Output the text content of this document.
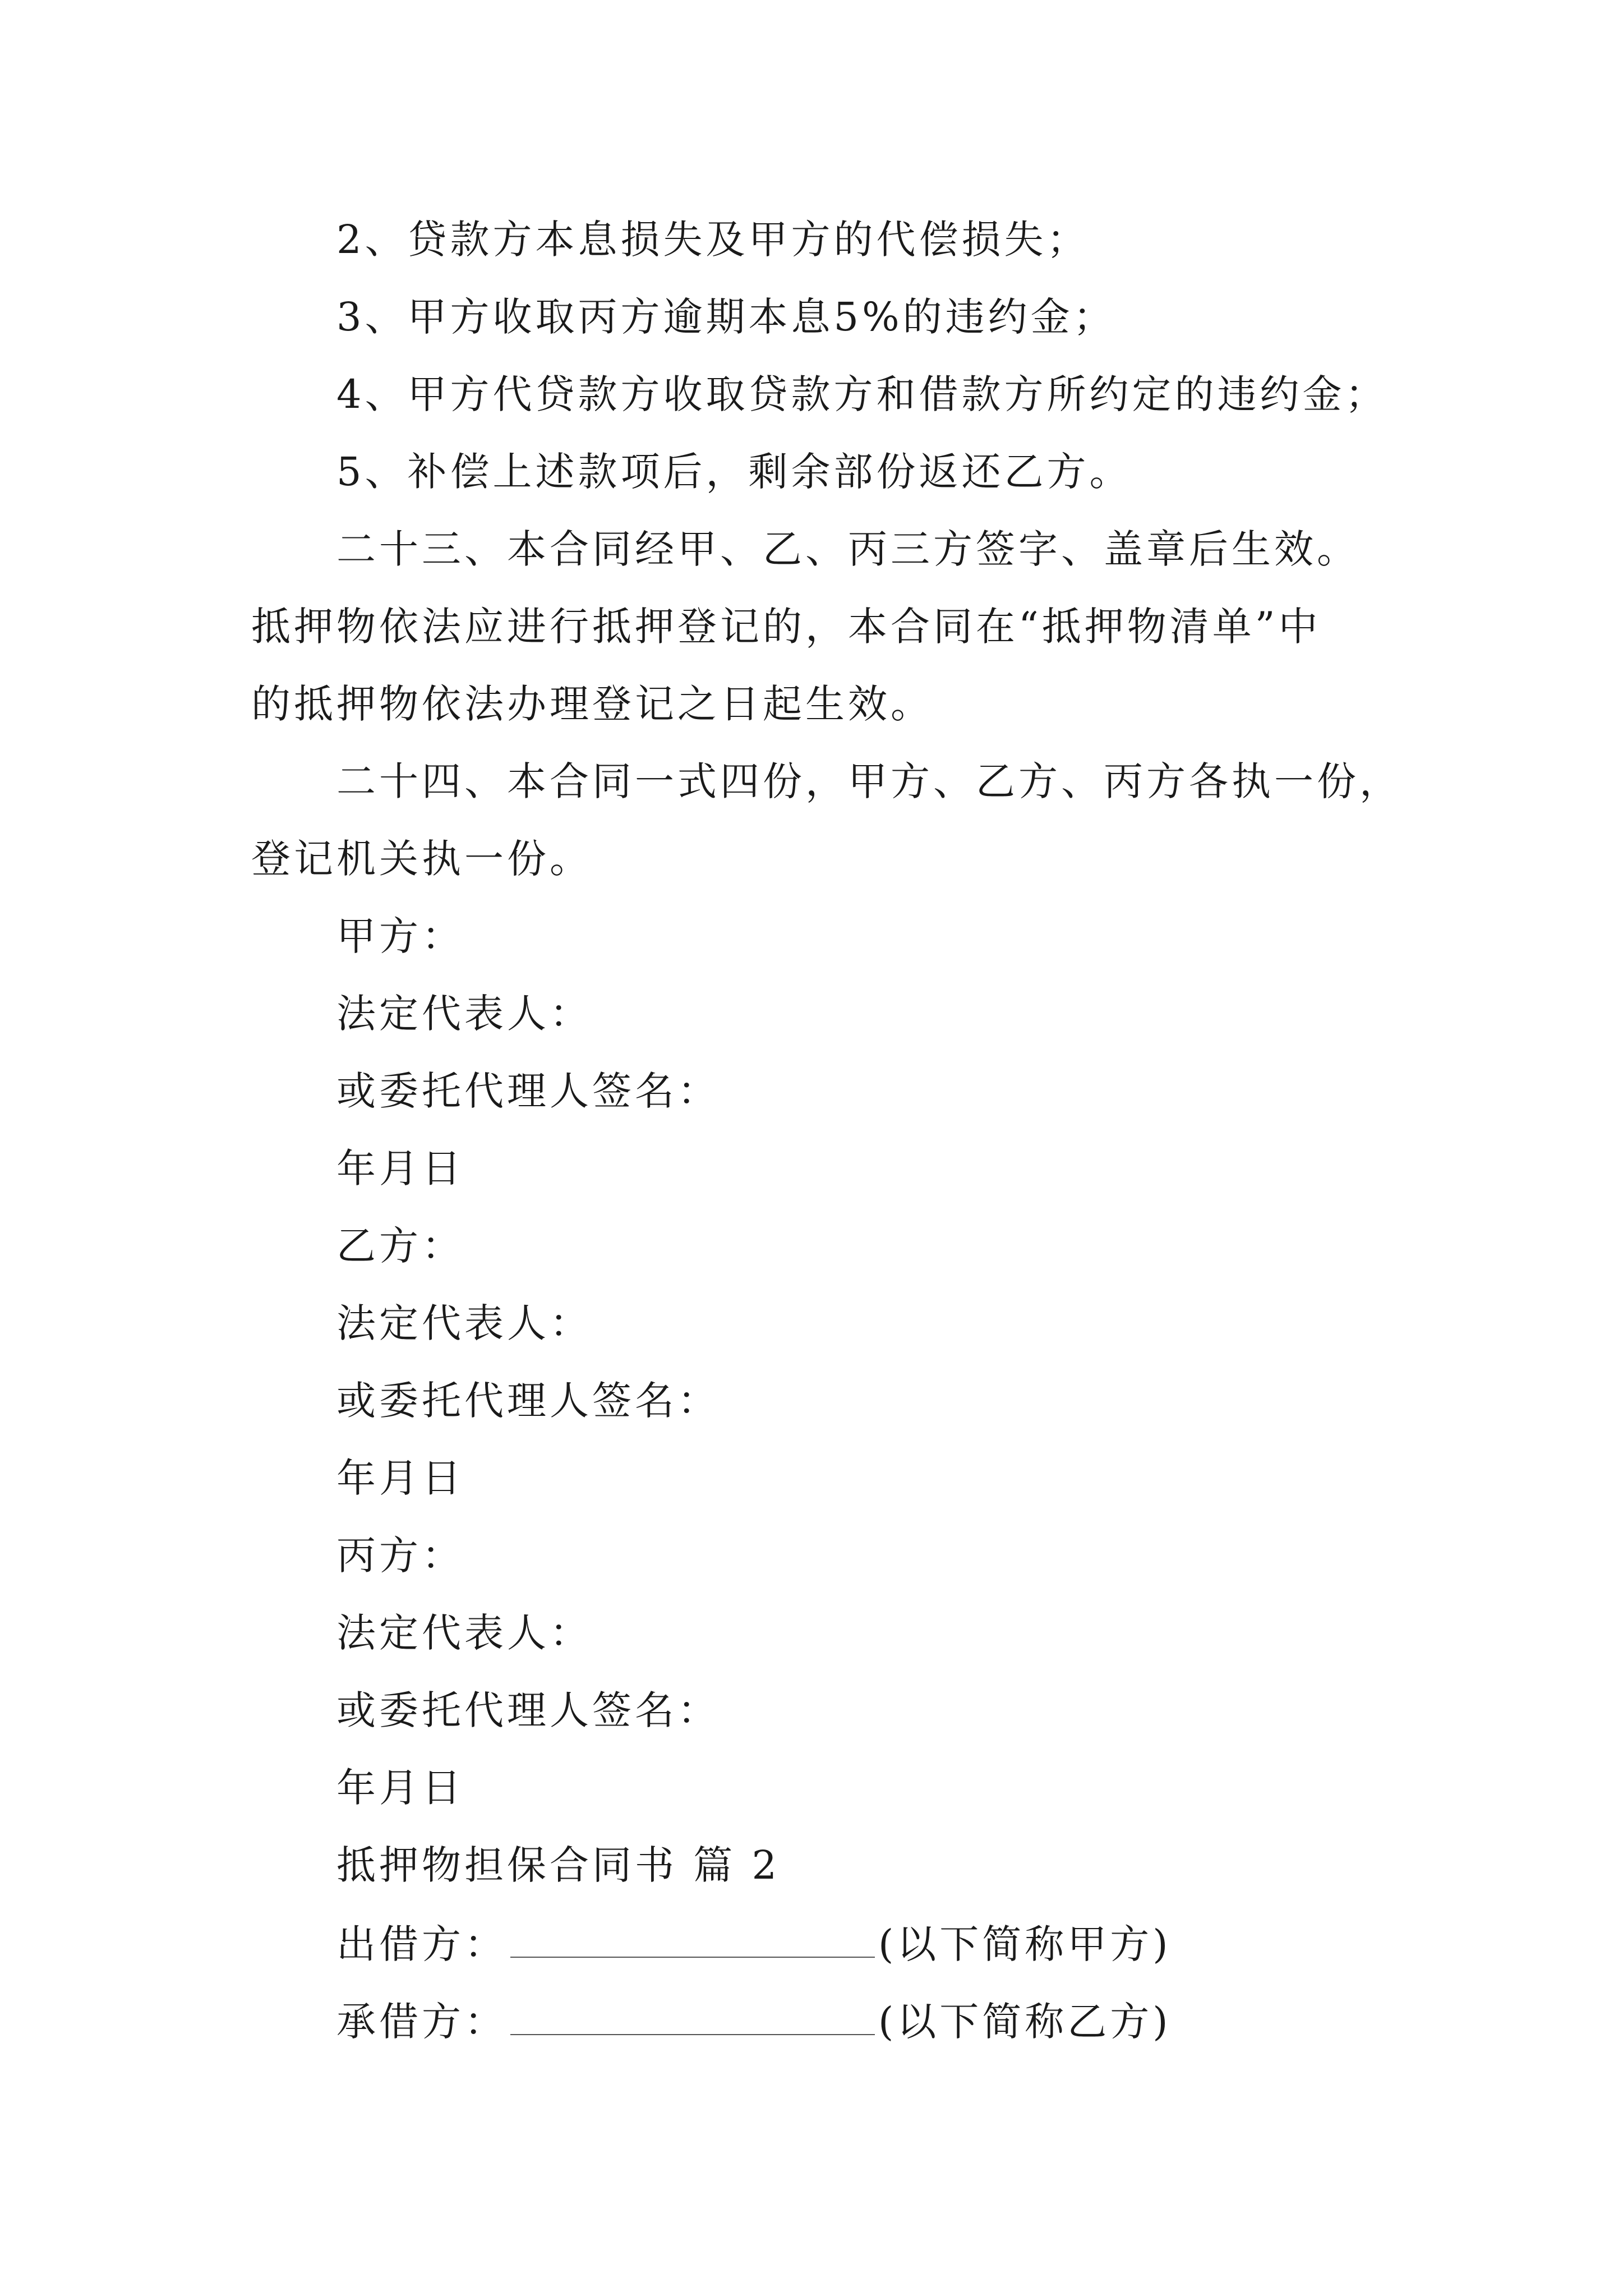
2、贷款方本息损失及甲方的代偿损失；
3、甲方收取丙方逾期本息5%的违约金；
4、甲方代贷款方收取贷款方和借款方所约定的违约金；
5、补偿上述款项后，剩余部份返还乙方。
二十三、本合同经甲、乙、丙三方签字、盖章后生效。
抵押物依法应进行抵押登记的，本合同在“抵押物清单”中
的抵押物依法办理登记之日起生效。
二十四、本合同一式四份，甲方、乙方、丙方各执一份，
登记机关执一份。
甲方：
法定代表人：
或委托代理人签名：
年月日
乙方：
法定代表人：
或委托代理人签名：
年月日
丙方：
法定代表人：
或委托代理人签名：
年月日
抵押物担保合同书 篇 2
出借方：	(以下简称甲方)
承借方：	(以下简称乙方)
